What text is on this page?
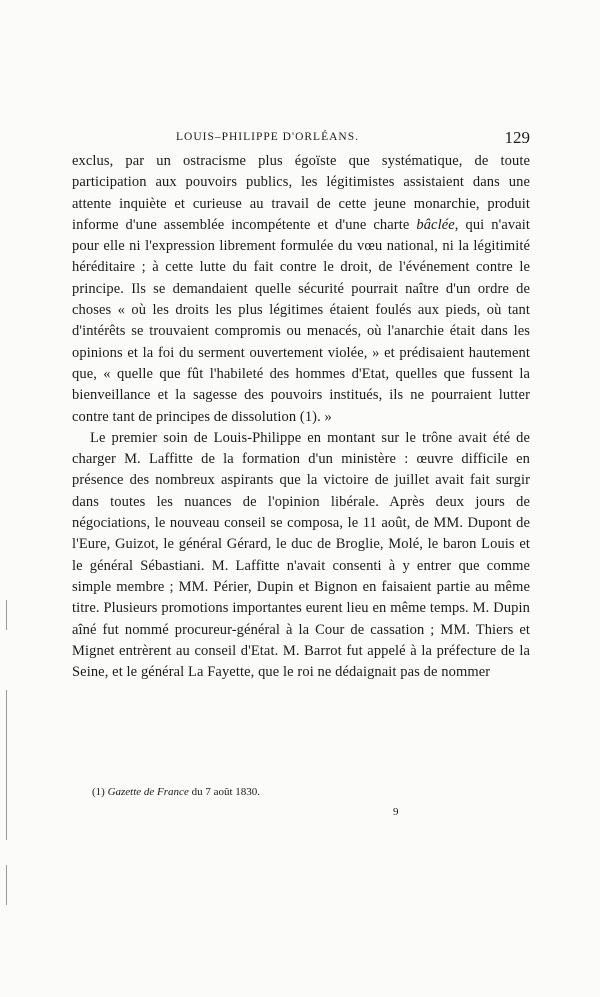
LOUIS–PHILIPPE D'ORLÉANS.	129

exclus, par un ostracisme plus égoïste que systématique, de toute participation aux pouvoirs publics, les légitimistes assistaient dans une attente inquiète et curieuse au travail de cette jeune monarchie, produit informe d'une assemblée incompétente et d'une charte bâclée, qui n'avait pour elle ni l'expression librement formulée du vœu national, ni la légitimité héréditaire ; à cette lutte du fait contre le droit, de l'événement contre le principe. Ils se demandaient quelle sécurité pourrait naître d'un ordre de choses « où les droits les plus légitimes étaient foulés aux pieds, où tant d'intérêts se trouvaient compromis ou menacés, où l'anarchie était dans les opinions et la foi du serment ouvertement violée, » et prédisaient hautement que, « quelle que fût l'habileté des hommes d'Etat, quelles que fussent la bienveillance et la sagesse des pouvoirs institués, ils ne pourraient lutter contre tant de principes de dissolution (1). »

Le premier soin de Louis-Philippe en montant sur le trône avait été de charger M. Laffitte de la formation d'un ministère : œuvre difficile en présence des nombreux aspirants que la victoire de juillet avait fait surgir dans toutes les nuances de l'opinion libérale. Après deux jours de négociations, le nouveau conseil se composa, le 11 août, de MM. Dupont de l'Eure, Guizot, le général Gérard, le duc de Broglie, Molé, le baron Louis et le général Sébastiani. M. Laffitte n'avait consenti à y entrer que comme simple membre ; MM. Périer, Dupin et Bignon en faisaient partie au même titre. Plusieurs promotions importantes eurent lieu en même temps. M. Dupin aîné fut nommé procureur-général à la Cour de cassation ; MM. Thiers et Mignet entrèrent au conseil d'Etat. M. Barrot fut appelé à la préfecture de la Seine, et le général La Fayette, que le roi ne dédaignait pas de nommer

(1) Gazette de France du 7 août 1830.
9
